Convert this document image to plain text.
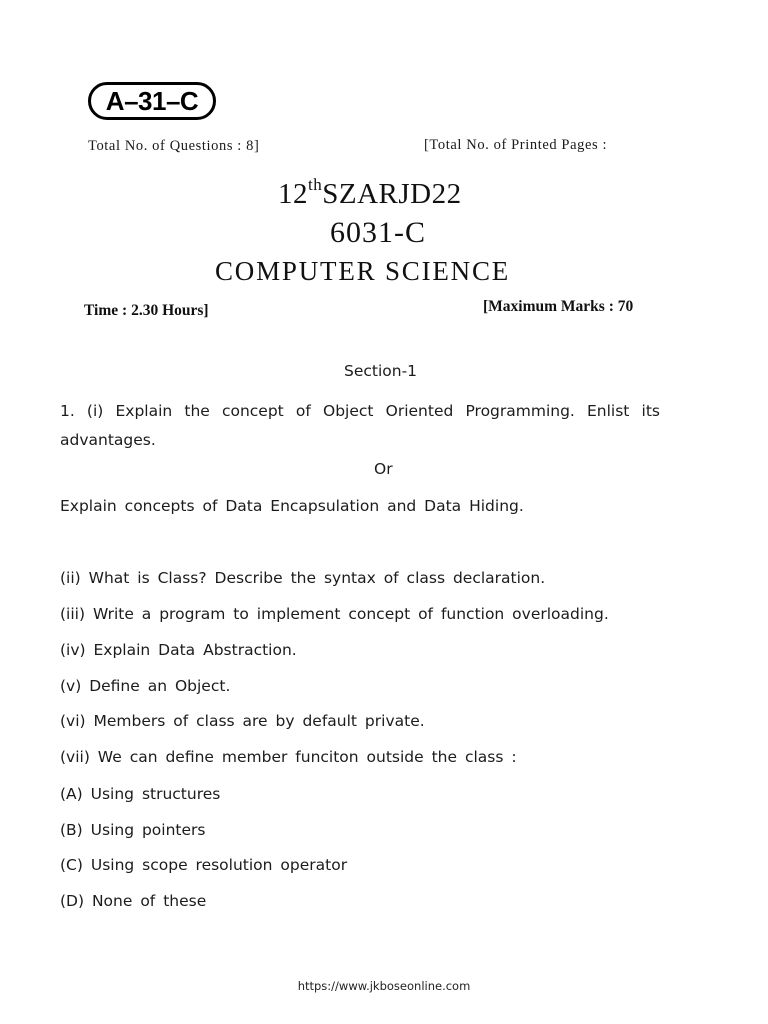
A–31–C
Total No. of Questions : 8]	[Total No. of Printed Pages :
12thSZARJD22
6031-C
COMPUTER SCIENCE
Time : 2.30 Hours]	[Maximum Marks : 70
Section-1
1. (i) Explain the concept of Object Oriented Programming. Enlist its advantages.
Or
Explain concepts of Data Encapsulation and Data Hiding.
(ii) What is Class? Describe the syntax of class declaration.
(iii) Write a program to implement concept of function overloading.
(iv) Explain Data Abstraction.
(v) Define an Object.
(vi) Members of class are by default private.
(vii) We can define member funciton outside the class :
(A) Using structures
(B) Using pointers
(C) Using scope resolution operator
(D) None of these
https://www.jkboseonline.com
